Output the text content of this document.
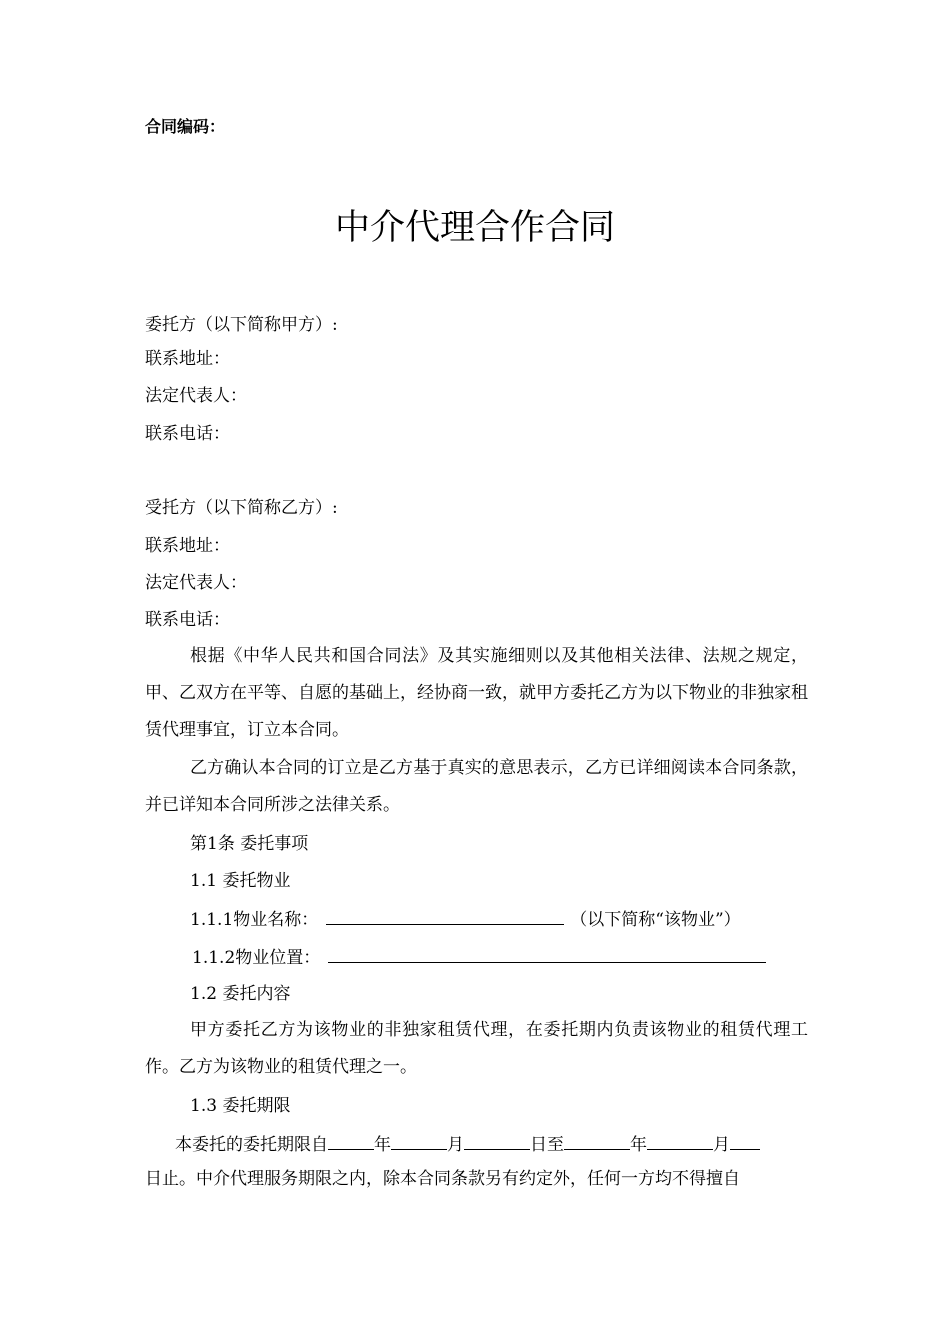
合同编码：
中介代理合作合同
委托方（以下简称甲方）:
联系地址：
法定代表人：
联系电话：
受托方（以下简称乙方）:
联系地址：
法定代表人：
联系电话：
根据《中华人民共和国合同法》及其实施细则以及其他相关法律、法规之规定，甲、乙双方在平等、自愿的基础上，经协商一致，就甲方委托乙方为以下物业的非独家租赁代理事宜，订立本合同。
乙方确认本合同的订立是乙方基于真实的意思表示，乙方已详细阅读本合同条款，并已详知本合同所涉之法律关系。
第1条 委托事项
1.1 委托物业
1.1.1物业名称：	（以下简称“该物业”）
1.1.2物业位置：
1.2 委托内容
甲方委托乙方为该物业的非独家租赁代理，在委托期内负责该物业的租赁代理工作。乙方为该物业的租赁代理之一。
1.3 委托期限
本委托的委托期限自	年	月	日至	年	月
日止。中介代理服务期限之内，除本合同条款另有约定外，任何一方均不得擅自
